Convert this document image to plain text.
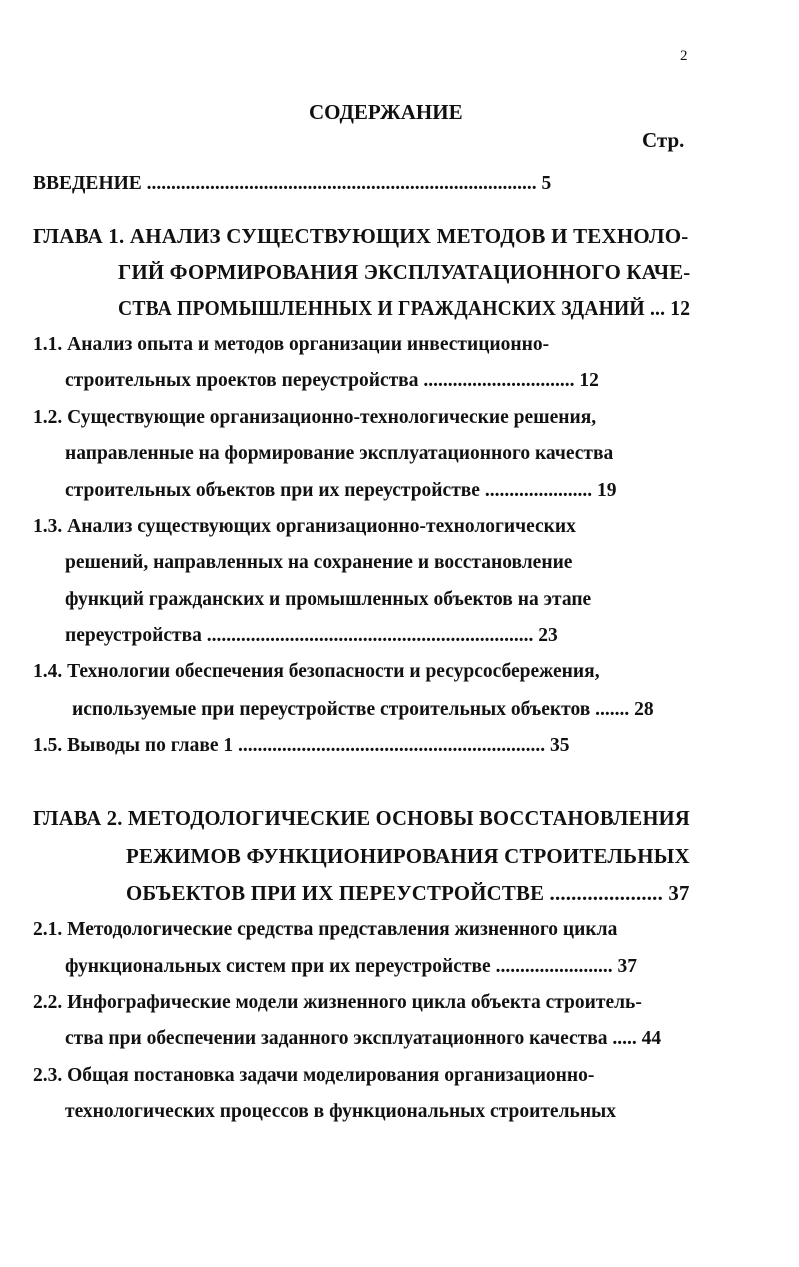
2
СОДЕРЖАНИЕ
Стр.
ВВЕДЕНИЕ ................................................................................ 5
ГЛАВА 1. АНАЛИЗ СУЩЕСТВУЮЩИХ МЕТОДОВ И ТЕХНОЛО-
ГИЙ ФОРМИРОВАНИЯ ЭКСПЛУАТАЦИОННОГО КАЧЕ-
СТВА ПРОМЫШЛЕННЫХ И ГРАЖДАНСКИХ ЗДАНИЙ ... 12
1.1. Анализ опыта и методов организации инвестиционно-
строительных проектов переустройства ............................... 12
1.2. Существующие организационно-технологические решения,
направленные на формирование эксплуатационного качества
строительных объектов при их переустройстве ...................... 19
1.3. Анализ существующих организационно-технологических
решений, направленных на сохранение и восстановление
функций гражданских и промышленных объектов на этапе
переустройства ................................................................... 23
1.4. Технологии обеспечения безопасности и ресурсосбережения,
используемые при переустройстве строительных объектов ....... 28
1.5. Выводы по главе 1 ............................................................... 35
ГЛАВА 2. МЕТОДОЛОГИЧЕСКИЕ ОСНОВЫ ВОССТАНОВЛЕНИЯ
РЕЖИМОВ ФУНКЦИОНИРОВАНИЯ СТРОИТЕЛЬНЫХ
ОБЪЕКТОВ ПРИ ИХ ПЕРЕУСТРОЙСТВЕ ..................... 37
2.1. Методологические средства представления жизненного цикла
функциональных систем при их переустройстве ........................ 37
2.2. Инфографические модели жизненного цикла объекта строитель-
ства при обеспечении заданного эксплуатационного качества ..... 44
2.3. Общая постановка задачи моделирования организационно-
технологических процессов в функциональных строительных
